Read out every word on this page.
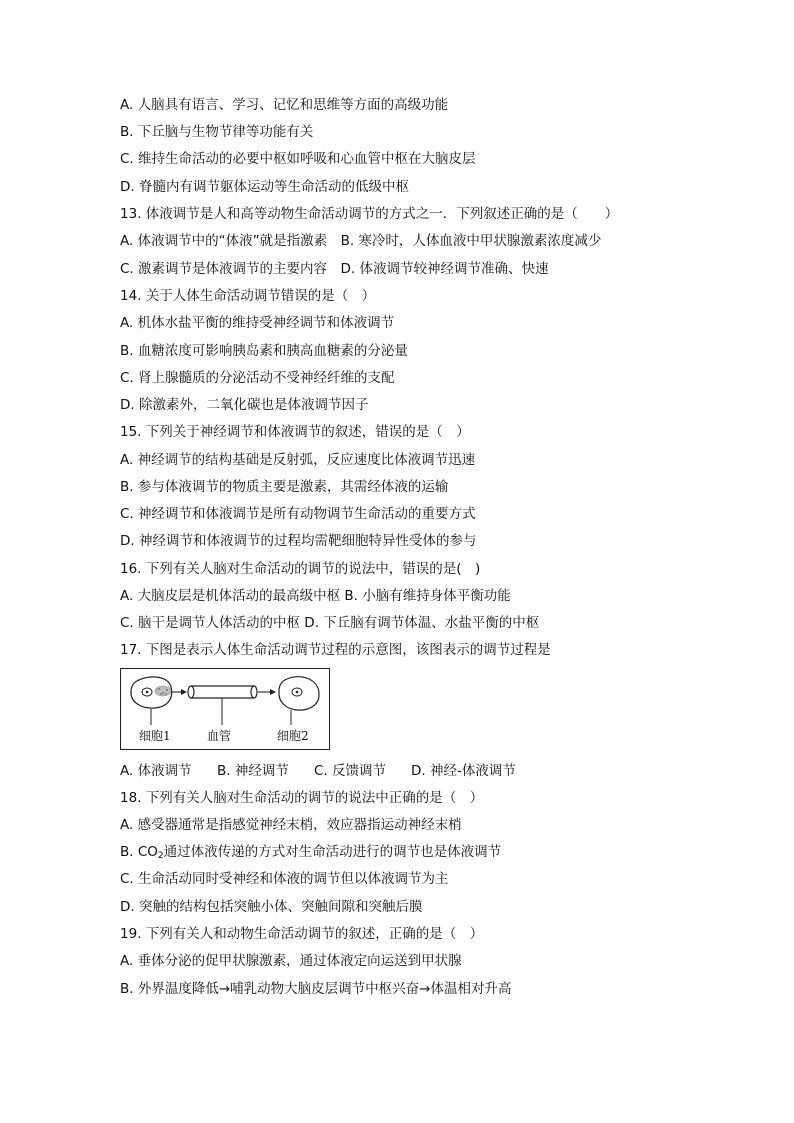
A. 人脑具有语言、学习、记忆和思维等方面的高级功能
B. 下丘脑与生物节律等功能有关
C. 维持生命活动的必要中枢如呼吸和心血管中枢在大脑皮层
D. 脊髓内有调节躯体运动等生命活动的低级中枢
13. 体液调节是人和高等动物生命活动调节的方式之一．下列叙述正确的是（　　）
A. 体液调节中的“体液”就是指激素　B. 寒冷时，人体血液中甲状腺激素浓度减少
C. 激素调节是体液调节的主要内容　D. 体液调节较神经调节准确、快速
14. 关于人体生命活动调节错误的是（　）
A. 机体水盐平衡的维持受神经调节和体液调节
B. 血糖浓度可影响胰岛素和胰高血糖素的分泌量
C. 肾上腺髓质的分泌活动不受神经纤维的支配
D. 除激素外，二氧化碳也是体液调节因子
15. 下列关于神经调节和体液调节的叙述，错误的是（　）
A. 神经调节的结构基础是反射弧，反应速度比体液调节迅速
B. 参与体液调节的物质主要是激素，其需经体液的运输
C. 神经调节和体液调节是所有动物调节生命活动的重要方式
D. 神经调节和体液调节的过程均需靶细胞特异性受体的参与
16. 下列有关人脑对生命活动的调节的说法中，错误的是(　)
A. 大脑皮层是机体活动的最高级中枢 B. 小脑有维持身体平衡功能
C. 脑干是调节人体活动的中枢 D. 下丘脑有调节体温、水盐平衡的中枢
17. 下图是表示人体生命活动调节过程的示意图，该图表示的调节过程是
细胞1	血管	细胞2
A. 体液调节 B. 神经调节 C. 反馈调节 D. 神经-体液调节
18. 下列有关人脑对生命活动的调节的说法中正确的是（　）
A. 感受器通常是指感觉神经末梢，效应器指运动神经末梢
B. $CO_2$通过体液传递的方式对生命活动进行的调节也是体液调节
C. 生命活动同时受神经和体液的调节但以体液调节为主
D. 突触的结构包括突触小体、突触间隙和突触后膜
19. 下列有关人和动物生命活动调节的叙述，正确的是（　）
A. 垂体分泌的促甲状腺激素，通过体液定向运送到甲状腺
B. 外界温度降低→哺乳动物大脑皮层调节中枢兴奋→体温相对升高
